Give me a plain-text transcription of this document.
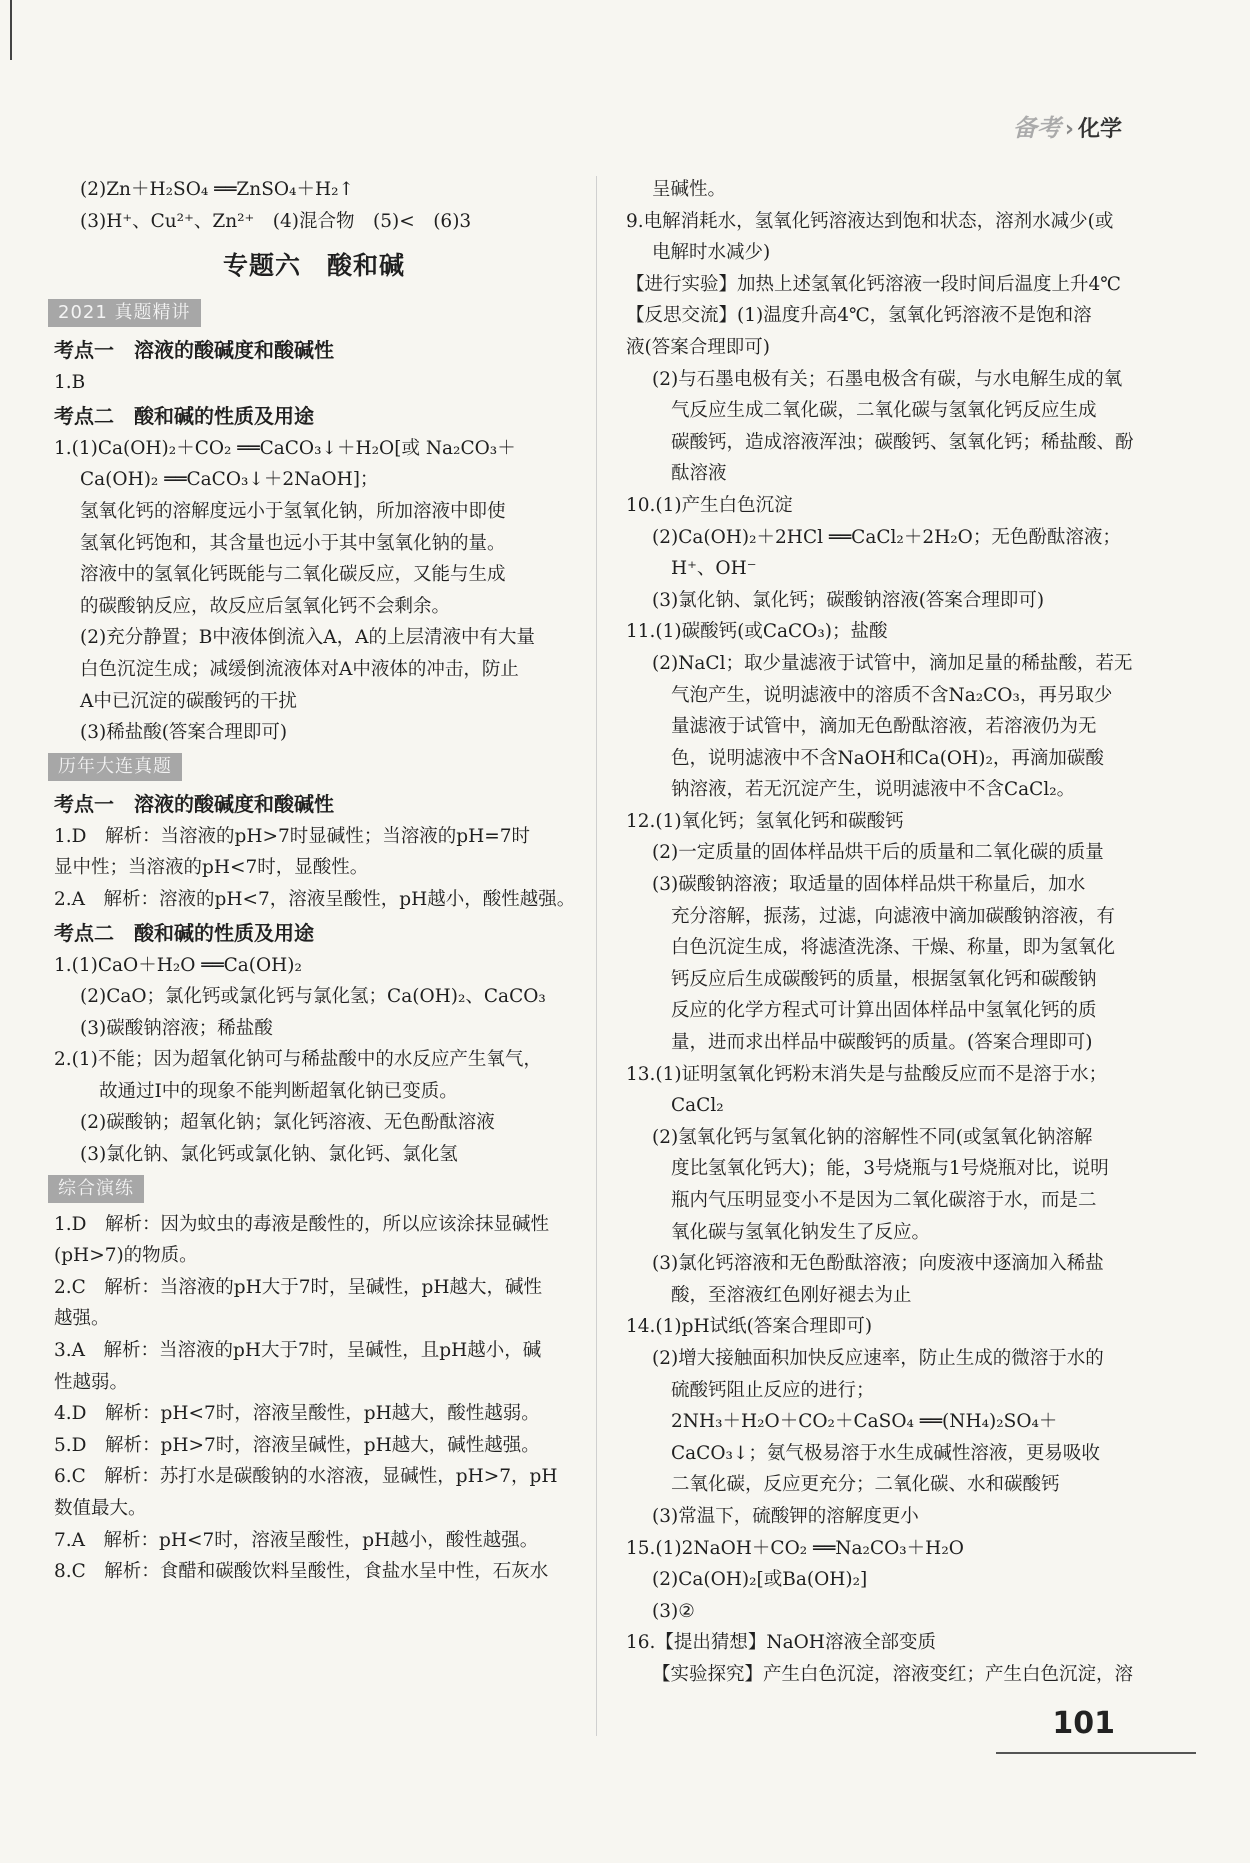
备考 › 化学
(2)Zn＋H₂SO₄ ══ZnSO₄＋H₂↑
(3)H⁺、Cu²⁺、Zn²⁺　(4)混合物　(5)<　(6)3
专题六　酸和碱
2021 真题精讲
考点一　溶液的酸碱度和酸碱性
1.B
考点二　酸和碱的性质及用途
1.(1)Ca(OH)₂＋CO₂ ══CaCO₃↓＋H₂O[或 Na₂CO₃＋
Ca(OH)₂ ══CaCO₃↓＋2NaOH]；
氢氧化钙的溶解度远小于氢氧化钠，所加溶液中即使
氢氧化钙饱和，其含量也远小于其中氢氧化钠的量。
溶液中的氢氧化钙既能与二氧化碳反应，又能与生成
的碳酸钠反应，故反应后氢氧化钙不会剩余。
(2)充分静置；B中液体倒流入A，A的上层清液中有大量
白色沉淀生成；减缓倒流液体对A中液体的冲击，防止
A中已沉淀的碳酸钙的干扰
(3)稀盐酸(答案合理即可)
历年大连真题
考点一　溶液的酸碱度和酸碱性
1.D　解析：当溶液的pH>7时显碱性；当溶液的pH=7时
显中性；当溶液的pH<7时，显酸性。
2.A　解析：溶液的pH<7，溶液呈酸性，pH越小，酸性越强。
考点二　酸和碱的性质及用途
1.(1)CaO＋H₂O ══Ca(OH)₂
(2)CaO；氯化钙或氯化钙与氯化氢；Ca(OH)₂、CaCO₃
(3)碳酸钠溶液；稀盐酸
2.(1)不能；因为超氧化钠可与稀盐酸中的水反应产生氧气，
故通过Ⅰ中的现象不能判断超氧化钠已变质。
(2)碳酸钠；超氧化钠；氯化钙溶液、无色酚酞溶液
(3)氯化钠、氯化钙或氯化钠、氯化钙、氯化氢
综合演练
1.D　解析：因为蚊虫的毒液是酸性的，所以应该涂抹显碱性
(pH>7)的物质。
2.C　解析：当溶液的pH大于7时，呈碱性，pH越大，碱性
越强。
3.A　解析：当溶液的pH大于7时，呈碱性，且pH越小，碱
性越弱。
4.D　解析：pH<7时，溶液呈酸性，pH越大，酸性越弱。
5.D　解析：pH>7时，溶液呈碱性，pH越大，碱性越强。
6.C　解析：苏打水是碳酸钠的水溶液，显碱性，pH>7，pH
数值最大。
7.A　解析：pH<7时，溶液呈酸性，pH越小，酸性越强。
8.C　解析：食醋和碳酸饮料呈酸性，食盐水呈中性，石灰水
呈碱性。
9.电解消耗水，氢氧化钙溶液达到饱和状态，溶剂水减少(或
电解时水减少)
【进行实验】加热上述氢氧化钙溶液一段时间后温度上升4℃
【反思交流】(1)温度升高4℃，氢氧化钙溶液不是饱和溶
液(答案合理即可)
(2)与石墨电极有关；石墨电极含有碳，与水电解生成的氧
气反应生成二氧化碳，二氧化碳与氢氧化钙反应生成
碳酸钙，造成溶液浑浊；碳酸钙、氢氧化钙；稀盐酸、酚
酞溶液
10.(1)产生白色沉淀
(2)Ca(OH)₂＋2HCl ══CaCl₂＋2H₂O；无色酚酞溶液；
H⁺、OH⁻
(3)氯化钠、氯化钙；碳酸钠溶液(答案合理即可)
11.(1)碳酸钙(或CaCO₃)；盐酸
(2)NaCl；取少量滤液于试管中，滴加足量的稀盐酸，若无
气泡产生，说明滤液中的溶质不含Na₂CO₃，再另取少
量滤液于试管中，滴加无色酚酞溶液，若溶液仍为无
色，说明滤液中不含NaOH和Ca(OH)₂，再滴加碳酸
钠溶液，若无沉淀产生，说明滤液中不含CaCl₂。
12.(1)氧化钙；氢氧化钙和碳酸钙
(2)一定质量的固体样品烘干后的质量和二氧化碳的质量
(3)碳酸钠溶液；取适量的固体样品烘干称量后，加水
充分溶解，振荡，过滤，向滤液中滴加碳酸钠溶液，有
白色沉淀生成，将滤渣洗涤、干燥、称量，即为氢氧化
钙反应后生成碳酸钙的质量，根据氢氧化钙和碳酸钠
反应的化学方程式可计算出固体样品中氢氧化钙的质
量，进而求出样品中碳酸钙的质量。(答案合理即可)
13.(1)证明氢氧化钙粉末消失是与盐酸反应而不是溶于水；
CaCl₂
(2)氢氧化钙与氢氧化钠的溶解性不同(或氢氧化钠溶解
度比氢氧化钙大)；能，3号烧瓶与1号烧瓶对比，说明
瓶内气压明显变小不是因为二氧化碳溶于水，而是二
氧化碳与氢氧化钠发生了反应。
(3)氯化钙溶液和无色酚酞溶液；向废液中逐滴加入稀盐
酸，至溶液红色刚好褪去为止
14.(1)pH试纸(答案合理即可)
(2)增大接触面积加快反应速率，防止生成的微溶于水的
硫酸钙阻止反应的进行；
2NH₃＋H₂O＋CO₂＋CaSO₄ ══(NH₄)₂SO₄＋
CaCO₃↓；氨气极易溶于水生成碱性溶液，更易吸收
二氧化碳，反应更充分；二氧化碳、水和碳酸钙
(3)常温下，硫酸钾的溶解度更小
15.(1)2NaOH＋CO₂ ══Na₂CO₃＋H₂O
(2)Ca(OH)₂[或Ba(OH)₂]
(3)②
16.【提出猜想】NaOH溶液全部变质
【实验探究】产生白色沉淀，溶液变红；产生白色沉淀，溶
101
